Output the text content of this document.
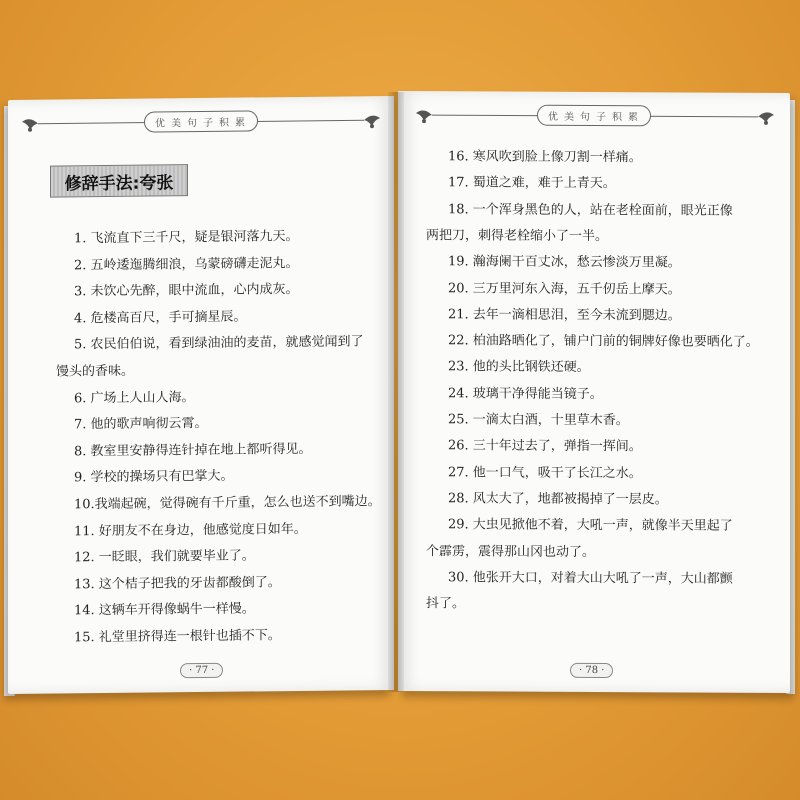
优美句子积累
修辞手法:夸张
1. 飞流直下三千尺，疑是银河落九天。
2. 五岭逶迤腾细浪，乌蒙磅礴走泥丸。
3. 未饮心先醉，眼中流血，心内成灰。
4. 危楼高百尺，手可摘星辰。
5. 农民伯伯说，看到绿油油的麦苗，就感觉闻到了
馒头的香味。
6. 广场上人山人海。
7. 他的歌声响彻云霄。
8. 教室里安静得连针掉在地上都听得见。
9. 学校的操场只有巴掌大。
10.我端起碗，觉得碗有千斤重，怎么也送不到嘴边。
11. 好朋友不在身边，他感觉度日如年。
12. 一眨眼，我们就要毕业了。
13. 这个桔子把我的牙齿都酸倒了。
14. 这辆车开得像蜗牛一样慢。
15. 礼堂里挤得连一根针也插不下。
· 77 ·
优美句子积累
16. 寒风吹到脸上像刀割一样痛。
17. 蜀道之难，难于上青天。
18. 一个浑身黑色的人，站在老栓面前，眼光正像
两把刀，刺得老栓缩小了一半。
19. 瀚海阑干百丈冰，愁云惨淡万里凝。
20. 三万里河东入海，五千仞岳上摩天。
21. 去年一滴相思泪，至今未流到腮边。
22. 柏油路晒化了，铺户门前的铜牌好像也要晒化了。
23. 他的头比钢铁还硬。
24. 玻璃干净得能当镜子。
25. 一滴太白酒，十里草木香。
26. 三十年过去了，弹指一挥间。
27. 他一口气，吸干了长江之水。
28. 风太大了，地都被揭掉了一层皮。
29. 大虫见掀他不着，大吼一声，就像半天里起了
个霹雳，震得那山冈也动了。
30. 他张开大口，对着大山大吼了一声，大山都颤
抖了。
· 78 ·
